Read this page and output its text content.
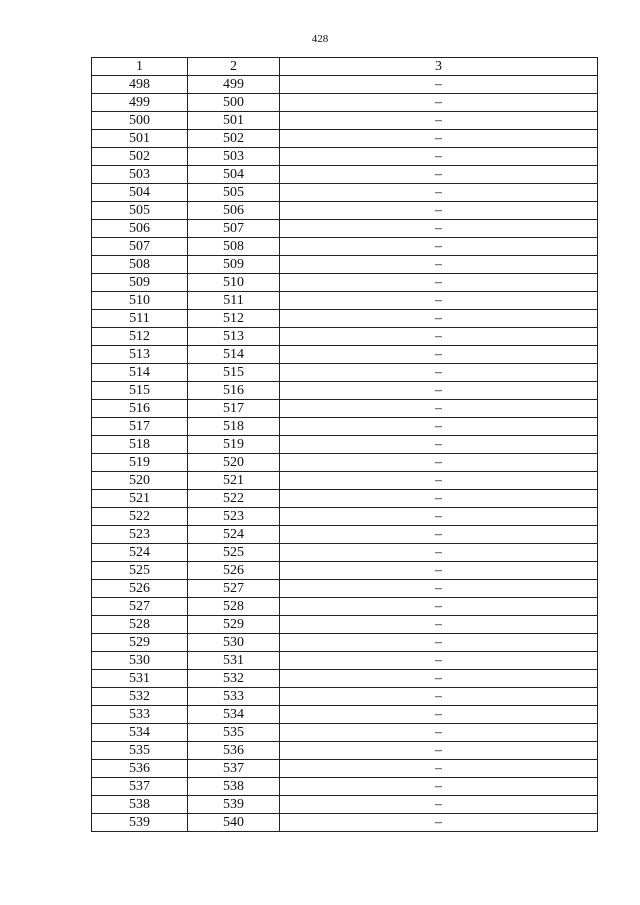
428
1	2	3
498	499	–
499	500	–
500	501	–
501	502	–
502	503	–
503	504	–
504	505	–
505	506	–
506	507	–
507	508	–
508	509	–
509	510	–
510	511	–
511	512	–
512	513	–
513	514	–
514	515	–
515	516	–
516	517	–
517	518	–
518	519	–
519	520	–
520	521	–
521	522	–
522	523	–
523	524	–
524	525	–
525	526	–
526	527	–
527	528	–
528	529	–
529	530	–
530	531	–
531	532	–
532	533	–
533	534	–
534	535	–
535	536	–
536	537	–
537	538	–
538	539	–
539	540	–
